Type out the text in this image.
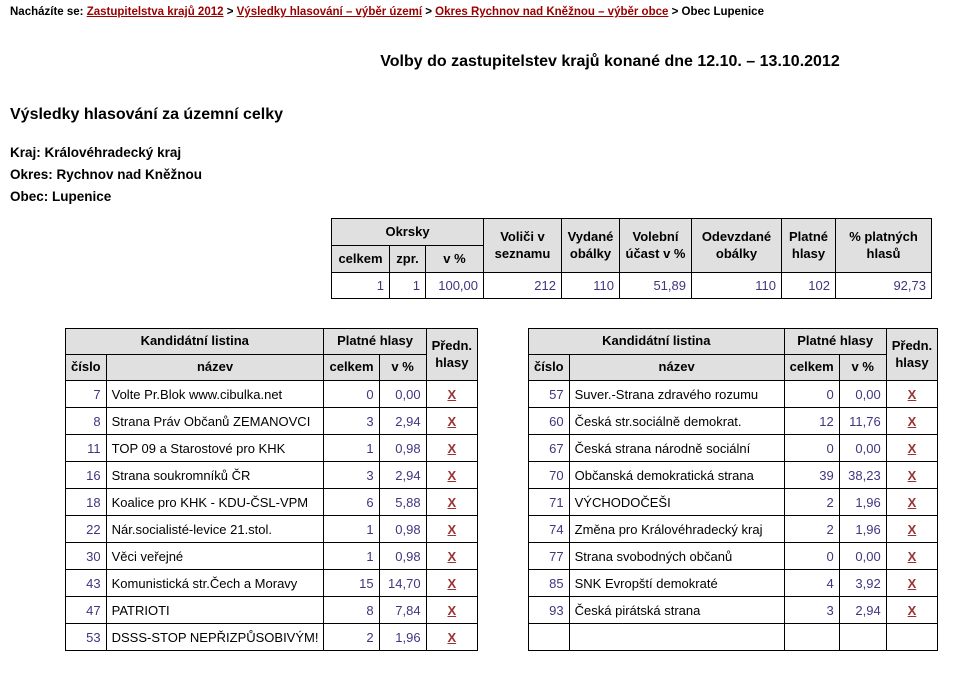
Nacházíte se: Zastupitelstva krajů 2012 > Výsledky hlasování – výběr území > Okres Rychnov nad Kněžnou – výběr obce > Obec Lupenice
Volby do zastupitelstev krajů konané dne 12.10. – 13.10.2012
Výsledky hlasování za územní celky
Kraj: Královéhradecký kraj
Okres: Rychnov nad Kněžnou
Obec: Lupenice
Okrsky			Voliči v seznamu	Vydané obálky	Volební účast v %	Odevzdané obálky	Platné hlasy	% platných hlasů
celkem	zpr.	v %						
1	1	100,00	212	110	51,89	110	102	92,73
Kandidátní listina		Platné hlasy		Předn. hlasy
číslo	název	celkem	v %	
7	Volte Pr.Blok www.cibulka.net	0	0,00	X
8	Strana Práv Občanů ZEMANOVCI	3	2,94	X
11	TOP 09 a Starostové pro KHK	1	0,98	X
16	Strana soukromníků ČR	3	2,94	X
18	Koalice pro KHK - KDU-ČSL-VPM	6	5,88	X
22	Nár.socialisté-levice 21.stol.	1	0,98	X
30	Věci veřejné	1	0,98	X
43	Komunistická str.Čech a Moravy	15	14,70	X
47	PATRIOTI	8	7,84	X
53	DSSS-STOP NEPŘIZPŮSOBIVÝM!	2	1,96	X
Kandidátní listina		Platné hlasy		Předn. hlasy
číslo	název	celkem	v %	
57	Suver.-Strana zdravého rozumu	0	0,00	X
60	Česká str.sociálně demokrat.	12	11,76	X
67	Česká strana národně sociální	0	0,00	X
70	Občanská demokratická strana	39	38,23	X
71	VÝCHODOČEŠI	2	1,96	X
74	Změna pro Královéhradecký kraj	2	1,96	X
77	Strana svobodných občanů	0	0,00	X
85	SNK Evropští demokraté	4	3,92	X
93	Česká pirátská strana	3	2,94	X
